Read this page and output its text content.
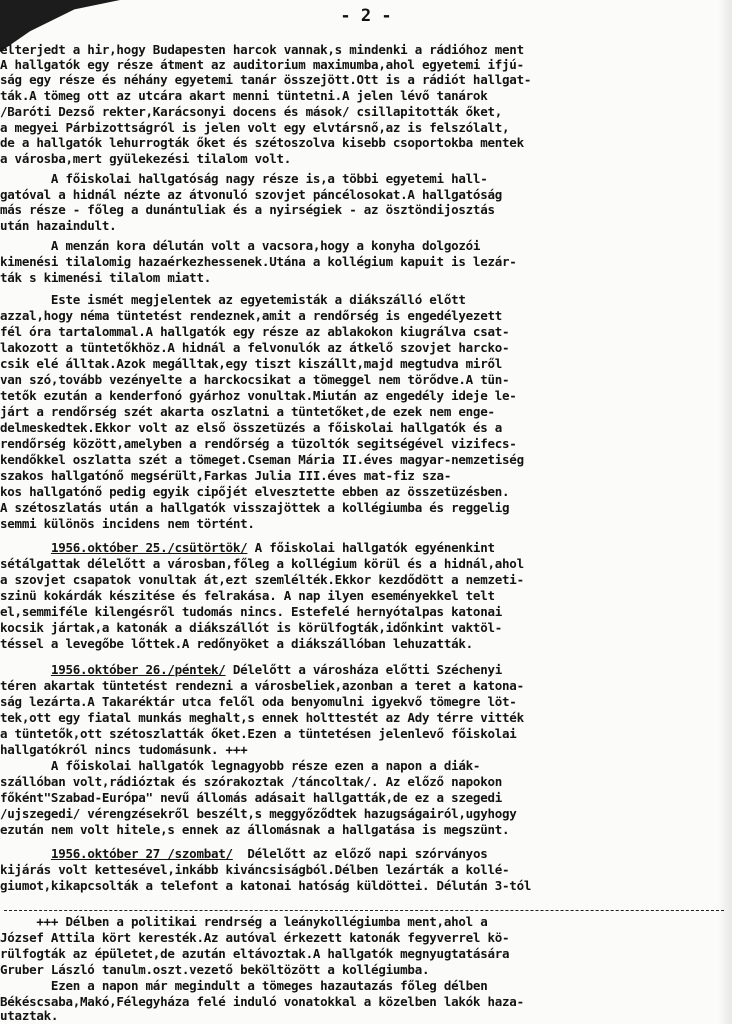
- 2 -
elterjedt a hir,hogy Budapesten harcok vannak,s mindenki a rádióhoz ment
A hallgatók egy része átment az auditorium maximumba,ahol egyetemi ifjú-
ság egy része és néhány egyetemi tanár összejött.Ott is a rádiót hallgat-
ták.A tömeg ott az utcára akart menni tüntetni.A jelen lévő tanárok
/Baróti Dezső rekter,Karácsonyi docens és mások/ csillapitották őket,
a megyei Párbizottságról is jelen volt egy elvtársnő,az is felszólalt,
de a hallgatók lehurrogták őket és szétoszolva kisebb csoportokba mentek
a városba,mert gyülekezési tilalom volt.
A főiskolai hallgatóság nagy része is,a többi egyetemi hall-
gatóval a hidnál nézte az átvonuló szovjet páncélosokat.A hallgatóság
más része - főleg a dunántuliak és a nyirségiek - az ösztöndijosztás
után hazaindult.
A menzán kora délután volt a vacsora,hogy a konyha dolgozói
kimenési tilalomig hazaérkezhessenek.Utána a kollégium kapuit is lezár-
ták s kimenési tilalom miatt.
Este ismét megjelentek az egyetemisták a diákszálló előtt
azzal,hogy néma tüntetést rendeznek,amit a rendőrség is engedélyezett
fél óra tartalommal.A hallgatók egy része az ablakokon kiugrálva csat-
lakozott a tüntetőkhöz.A hidnál a felvonulók az átkelő szovjet harcko-
csik elé álltak.Azok megálltak,egy tiszt kiszállt,majd megtudva miről
van szó,tovább vezényelte a harckocsikat a tömeggel nem törődve.A tün-
tetők ezután a kenderfonó gyárhoz vonultak.Miután az engedély ideje le-
járt a rendőrség szét akarta oszlatni a tüntetőket,de ezek nem enge-
delmeskedtek.Ekkor volt az első összetüzés a főiskolai hallgatók és a
rendőrség között,amelyben a rendőrség a tüzoltók segitségével vizifecs-
kendőkkel oszlatta szét a tömeget.Cseman Mária II.éves magyar-nemzetiség
szakos hallgatónő megsérült,Farkas Julia III.éves mat-fiz sza-
kos hallgatónő pedig egyik cipőjét elvesztette ebben az összetüzésben.
A szétoszlatás után a hallgatók visszajöttek a kollégiumba és reggelig
semmi különös incidens nem történt.
1956.október 25./csütörtök/ A főiskolai hallgatók egyénenkint
sétálgattak délelőtt a városban,főleg a kollégium körül és a hidnál,ahol
a szovjet csapatok vonultak át,ezt szemlélték.Ekkor kezdődött a nemzeti-
szinü kokárdák készitése és felrakása. A nap ilyen eseményekkel telt
el,semmiféle kilengésről tudomás nincs. Estefelé hernyótalpas katonai
kocsik jártak,a katonák a diákszállót is körülfogták,időnkint vaktöl-
téssel a levegőbe lőttek.A redőnyöket a diákszállóban lehuzatták.
1956.október 26./péntek/ Délelőtt a városháza előtti Széchenyi
téren akartak tüntetést rendezni a városbeliek,azonban a teret a katona-
ság lezárta.A Takaréktár utca felől oda benyomulni igyekvő tömegre löt-
tek,ott egy fiatal munkás meghalt,s ennek holttestét az Ady térre vitték
a tüntetők,ott szétoszlatták őket.Ezen a tüntetésen jelenlevő főiskolai
hallgatókról nincs tudomásunk. +++
A főiskolai hallgatók legnagyobb része ezen a napon a diák-
szállóban volt,rádióztak és szórakoztak /táncoltak/. Az előző napokon
főként"Szabad-Európa" nevű állomás adásait hallgatták,de ez a szegedi
/ujszegedi/ vérengzésekről beszélt,s meggyőződtek hazugságairól,ugyhogy
ezután nem volt hitele,s ennek az állomásnak a hallgatása is megszünt.
1956.október 27 /szombat/  Délelőtt az előző napi szórványos
kijárás volt kettesével,inkább kiváncsiságból.Délben lezárták a kollé-
giumot,kikapcsolták a telefont a katonai hatóság küldöttei. Délután 3-tól
+++ Délben a politikai rendrség a leánykollégiumba ment,ahol a
József Attila kört keresték.Az autóval érkezett katonák fegyverrel kö-
rülfogták az épületet,de azután eltávoztak.A hallgatók megnyugtatására
Gruber László tanulm.oszt.vezető beköltözött a kollégiumba.
Ezen a napon már megindult a tömeges hazautazás főleg délben
Békéscsaba,Makó,Félegyháza felé induló vonatokkal a közelben lakók haza-
utaztak.
